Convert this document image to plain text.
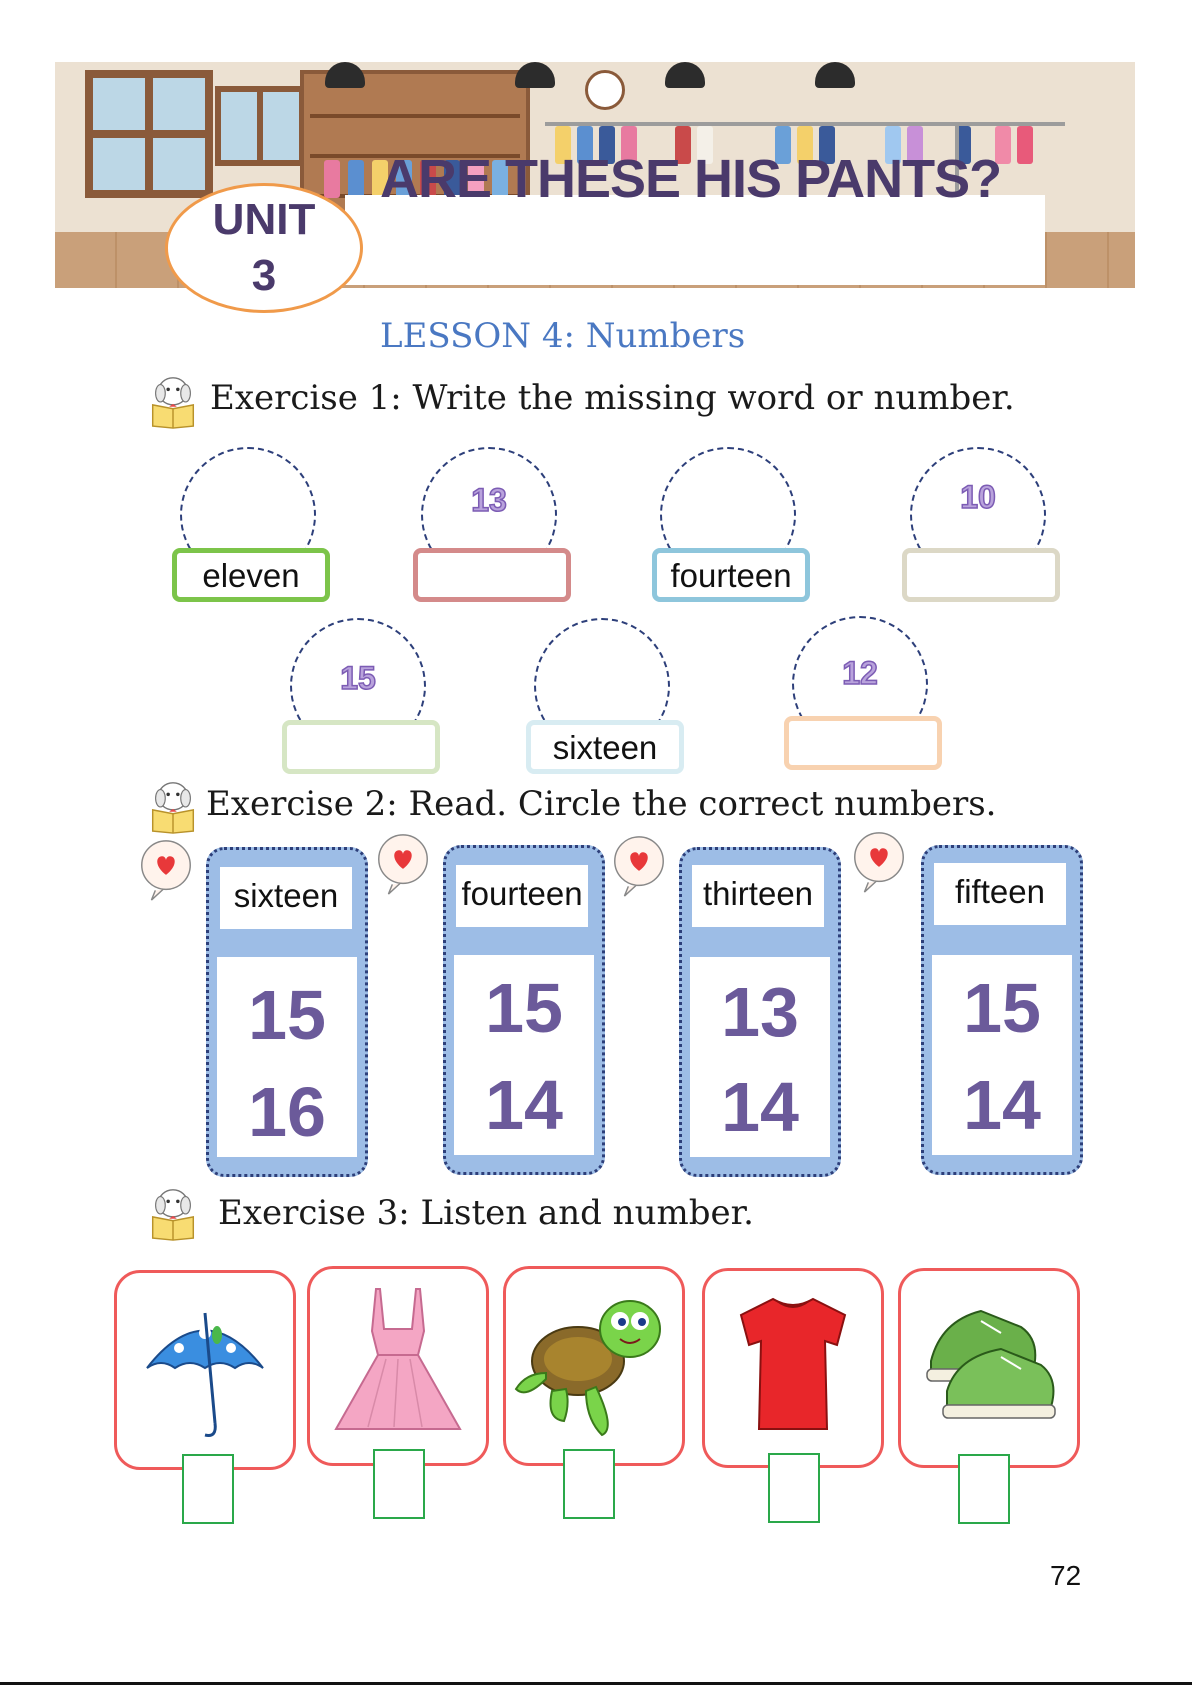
ARE THESE HIS PANTS?
UNIT
3
LESSON 4: Numbers
Exercise 1: Write the missing word or number.
eleven
13
fourteen
10
15
sixteen
12
Exercise 2: Read. Circle the correct numbers.
sixteen
15
16
fourteen
15
14
thirteen
13
14
fifteen
15
14
Exercise 3: Listen and number.
72
